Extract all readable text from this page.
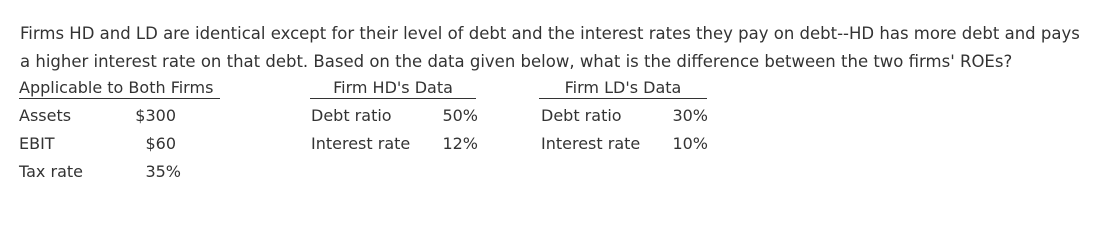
Firms HD and LD are identical except for their level of debt and the interest rates they pay on debt--HD has more debt and pays a higher interest rate on that debt. Based on the data given below, what is the difference between the two firms' ROEs?

Applicable to Both Firms
Assets	$300
EBIT	$60
Tax rate	35%
Firm HD's Data
Debt ratio	50%
Interest rate	12%
Firm LD's Data
Debt ratio	30%
Interest rate	10%
